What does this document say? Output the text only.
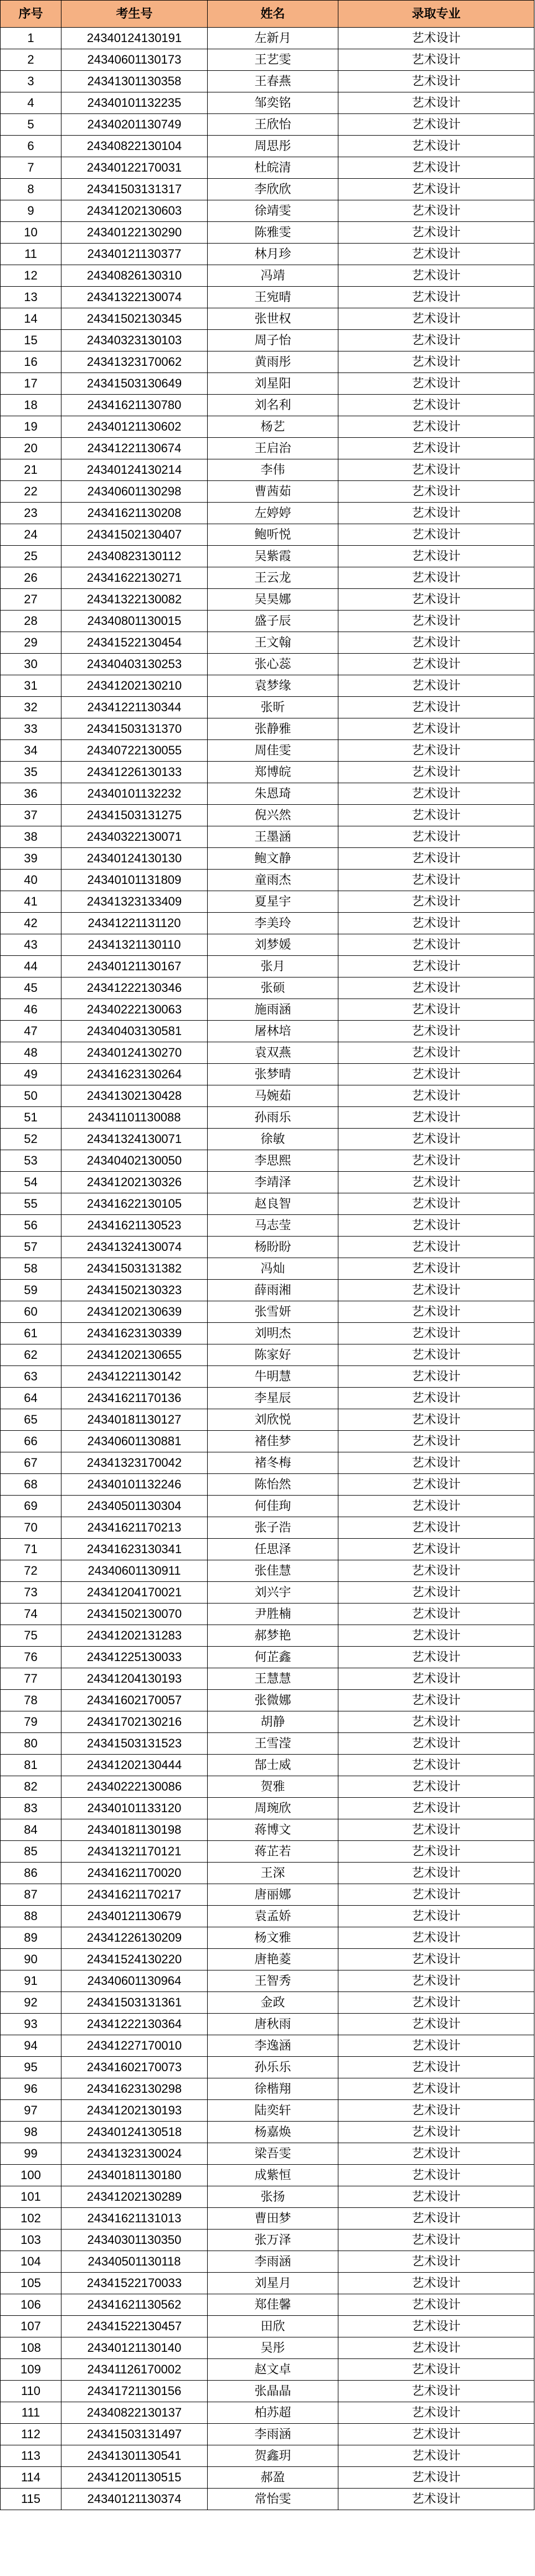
序号	考生号	姓名	录取专业
1	24340124130191	左新月	艺术设计
2	24340601130173	王艺雯	艺术设计
3	24341301130358	王春燕	艺术设计
4	24340101132235	邹奕铭	艺术设计
5	24340201130749	王欣怡	艺术设计
6	24340822130104	周思彤	艺术设计
7	24340122170031	杜皖清	艺术设计
8	24341503131317	李欣欣	艺术设计
9	24341202130603	徐靖雯	艺术设计
10	24340122130290	陈雅雯	艺术设计
11	24340121130377	林月珍	艺术设计
12	24340826130310	冯靖	艺术设计
13	24341322130074	王宛晴	艺术设计
14	24341502130345	张世权	艺术设计
15	24340323130103	周子怡	艺术设计
16	24341323170062	黄雨彤	艺术设计
17	24341503130649	刘星阳	艺术设计
18	24341621130780	刘名利	艺术设计
19	24340121130602	杨艺	艺术设计
20	24341221130674	王启治	艺术设计
21	24340124130214	李伟	艺术设计
22	24340601130298	曹茜茹	艺术设计
23	24341621130208	左婷婷	艺术设计
24	24341502130407	鲍听悦	艺术设计
25	24340823130112	吴紫霞	艺术设计
26	24341622130271	王云龙	艺术设计
27	24341322130082	吴昊娜	艺术设计
28	24340801130015	盛子辰	艺术设计
29	24341522130454	王文翰	艺术设计
30	24340403130253	张心蕊	艺术设计
31	24341202130210	袁梦缘	艺术设计
32	24341221130344	张昕	艺术设计
33	24341503131370	张静雅	艺术设计
34	24340722130055	周佳雯	艺术设计
35	24341226130133	郑博皖	艺术设计
36	24340101132232	朱恩琦	艺术设计
37	24341503131275	倪兴然	艺术设计
38	24340322130071	王墨涵	艺术设计
39	24340124130130	鲍文静	艺术设计
40	24340101131809	童雨杰	艺术设计
41	24341323133409	夏星宇	艺术设计
42	24341221131120	李美玲	艺术设计
43	24341321130110	刘梦媛	艺术设计
44	24340121130167	张月	艺术设计
45	24341222130346	张硕	艺术设计
46	24340222130063	施雨涵	艺术设计
47	24340403130581	屠林培	艺术设计
48	24340124130270	袁双燕	艺术设计
49	24341623130264	张梦晴	艺术设计
50	24341302130428	马婉茹	艺术设计
51	24341101130088	孙雨乐	艺术设计
52	24341324130071	徐敏	艺术设计
53	24340402130050	李思熙	艺术设计
54	24341202130326	李靖泽	艺术设计
55	24341622130105	赵良智	艺术设计
56	24341621130523	马志莹	艺术设计
57	24341324130074	杨盼盼	艺术设计
58	24341503131382	冯灿	艺术设计
59	24341502130323	薛雨湘	艺术设计
60	24341202130639	张雪妍	艺术设计
61	24341623130339	刘明杰	艺术设计
62	24341202130655	陈家好	艺术设计
63	24341221130142	牛明慧	艺术设计
64	24341621170136	李星辰	艺术设计
65	24340181130127	刘欣悦	艺术设计
66	24340601130881	褚佳梦	艺术设计
67	24341323170042	褚冬梅	艺术设计
68	24340101132246	陈怡然	艺术设计
69	24340501130304	何佳珣	艺术设计
70	24341621170213	张子浩	艺术设计
71	24341623130341	任思泽	艺术设计
72	24340601130911	张佳慧	艺术设计
73	24341204170021	刘兴宇	艺术设计
74	24341502130070	尹胜楠	艺术设计
75	24341202131283	郝梦艳	艺术设计
76	24341225130033	何芷鑫	艺术设计
77	24341204130193	王慧慧	艺术设计
78	24341602170057	张微娜	艺术设计
79	24341702130216	胡静	艺术设计
80	24341503131523	王雪滢	艺术设计
81	24341202130444	郜士威	艺术设计
82	24340222130086	贺雅	艺术设计
83	24340101133120	周琬欣	艺术设计
84	24340181130198	蒋博文	艺术设计
85	24341321170121	蒋芷若	艺术设计
86	24341621170020	王深	艺术设计
87	24341621170217	唐丽娜	艺术设计
88	24340121130679	袁孟娇	艺术设计
89	24341226130209	杨文雅	艺术设计
90	24341524130220	唐艳菱	艺术设计
91	24340601130964	王智秀	艺术设计
92	24341503131361	金政	艺术设计
93	24341222130364	唐秋雨	艺术设计
94	24341227170010	李逸涵	艺术设计
95	24341602170073	孙乐乐	艺术设计
96	24341623130298	徐楷翔	艺术设计
97	24341202130193	陆奕轩	艺术设计
98	24340124130518	杨嘉焕	艺术设计
99	24341323130024	梁吾雯	艺术设计
100	24340181130180	成紫恒	艺术设计
101	24341202130289	张扬	艺术设计
102	24341621131013	曹田梦	艺术设计
103	24340301130350	张万泽	艺术设计
104	24340501130118	李雨涵	艺术设计
105	24341522170033	刘星月	艺术设计
106	24341621130562	郑佳馨	艺术设计
107	24341522130457	田欣	艺术设计
108	24340121130140	吴彤	艺术设计
109	24341126170002	赵文卓	艺术设计
110	24341721130156	张晶晶	艺术设计
111	24340822130137	柏苏超	艺术设计
112	24341503131497	李雨涵	艺术设计
113	24341301130541	贺鑫玥	艺术设计
114	24341201130515	郝盈	艺术设计
115	24340121130374	常怡雯	艺术设计
